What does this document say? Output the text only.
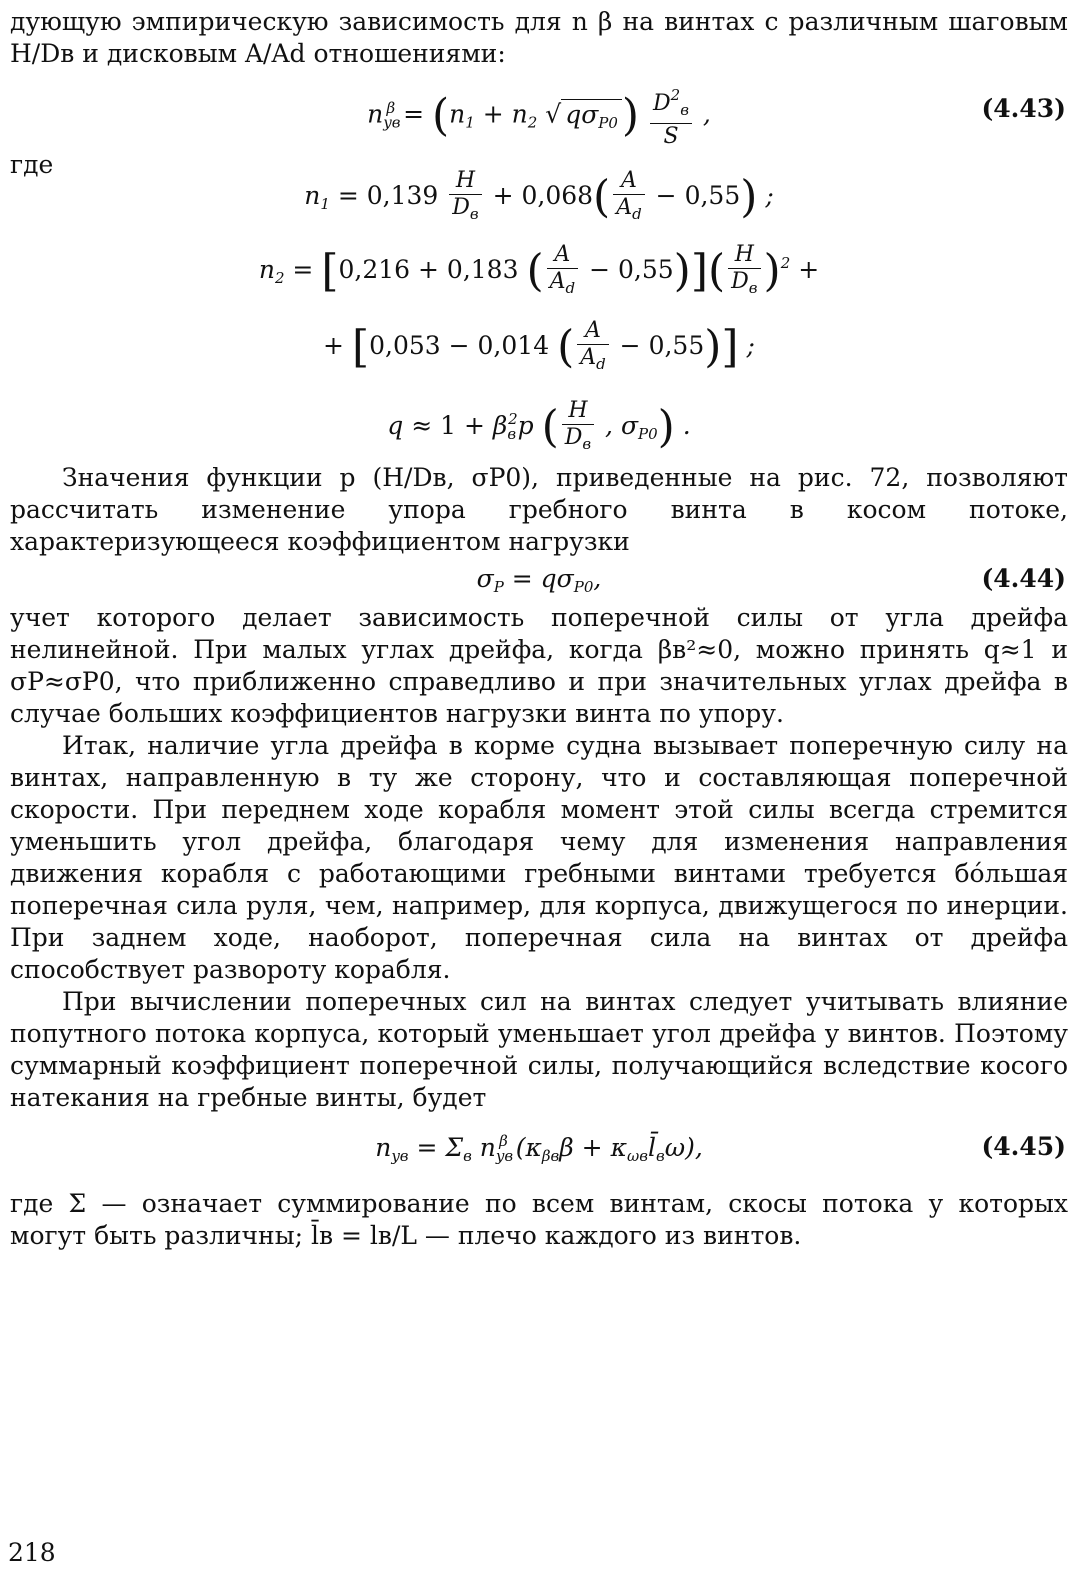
дующую эмпирическую зависимость для n β на винтах с различным шаговым H/Dв и дисковым A/Ad отношениями:

$n_{yв}^\beta = (n_1 + n_2$ √ $q\sigma_{P0}) \frac{D^2_в}{S}$ ,	(4.43)
где
$n_1 = 0,139 \frac{H}{D_в} + 0,068( \frac{A}{A_d} - 0,55)$ ;
$n_2 = [0,216 + 0,183$ ( $\frac{A}{A_d} - 0,55)]( \frac{H}{D_в} )^2$ +
+ [0,053 − 0,014 ( $\frac{A}{A_d} - 0,55$)] ;
$q \approx 1 + \beta_в^2p$ ( $\frac{H}{D_в}$ , $\sigma_{P0}$) .

Значения функции p (H/Dв, σP0), приведенные на рис. 72, позволяют рассчитать изменение упора гребного винта в косом потоке, характеризующееся коэффициентом нагрузки

$\sigma_P = q\sigma_{P0}$,	(4.44)

учет которого делает зависимость поперечной силы от угла дрейфа нелинейной. При малых углах дрейфа, когда βв²≈0, можно принять q≈1 и σP≈σP0, что приближенно справедливо и при значительных углах дрейфа в случае больших коэффициентов нагрузки винта по упору.

Итак, наличие угла дрейфа в корме судна вызывает поперечную силу на винтах, направленную в ту же сторону, что и составляющая поперечной скорости. При переднем ходе корабля момент этой силы всегда стремится уменьшить угол дрейфа, благодаря чему для изменения направления движения корабля с работающими гребными винтами требуется бóльшая поперечная сила руля, чем, например, для корпуса, движущегося по инерции. При заднем ходе, наоборот, поперечная сила на винтах от дрейфа способствует развороту корабля.

При вычислении поперечных сил на винтах следует учитывать влияние попутного потока корпуса, который уменьшает угол дрейфа у винтов. Поэтому суммарный коэффициент поперечной силы, получающийся вследствие косого натекания на гребные винты, будет

$n_{yв} = \Sigma_в$ $n_{yв}^\beta$ ($\kappa_{\beta в}\beta$ + $\kappa_{\omega в}l̄_в\omega$),	(4.45)

где Σ — означает суммирование по всем винтам, скосы потока у которых могут быть различны; l̄в = lв/L — плечо каждого из винтов.

218
